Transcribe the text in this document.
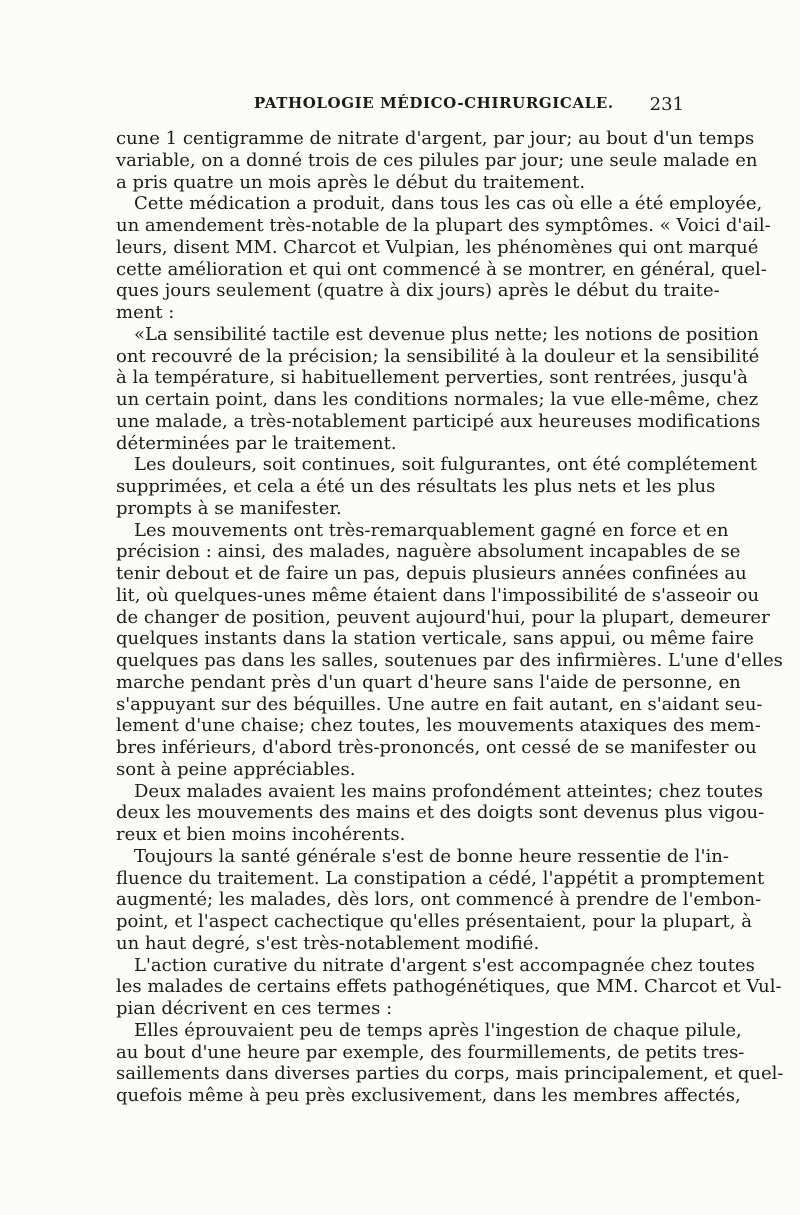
PATHOLOGIE MÉDICO-CHIRURGICALE. 231
cune 1 centigramme de nitrate d'argent, par jour; au bout d'un temps
variable, on a donné trois de ces pilules par jour; une seule malade en
a pris quatre un mois après le début du traitement.
Cette médication a produit, dans tous les cas où elle a été employée,
un amendement très-notable de la plupart des symptômes. « Voici d'ail-
leurs, disent MM. Charcot et Vulpian, les phénomènes qui ont marqué
cette amélioration et qui ont commencé à se montrer, en général, quel-
ques jours seulement (quatre à dix jours) après le début du traite-
ment :
«La sensibilité tactile est devenue plus nette; les notions de position
ont recouvré de la précision; la sensibilité à la douleur et la sensibilité
à la température, si habituellement perverties, sont rentrées, jusqu'à
un certain point, dans les conditions normales; la vue elle-même, chez
une malade, a très-notablement participé aux heureuses modifications
déterminées par le traitement.
Les douleurs, soit continues, soit fulgurantes, ont été complétement
supprimées, et cela a été un des résultats les plus nets et les plus
prompts à se manifester.
Les mouvements ont très-remarquablement gagné en force et en
précision : ainsi, des malades, naguère absolument incapables de se
tenir debout et de faire un pas, depuis plusieurs années confinées au
lit, où quelques-unes même étaient dans l'impossibilité de s'asseoir ou
de changer de position, peuvent aujourd'hui, pour la plupart, demeurer
quelques instants dans la station verticale, sans appui, ou même faire
quelques pas dans les salles, soutenues par des infirmières. L'une d'elles
marche pendant près d'un quart d'heure sans l'aide de personne, en
s'appuyant sur des béquilles. Une autre en fait autant, en s'aidant seu-
lement d'une chaise; chez toutes, les mouvements ataxiques des mem-
bres inférieurs, d'abord très-prononcés, ont cessé de se manifester ou
sont à peine appréciables.
Deux malades avaient les mains profondément atteintes; chez toutes
deux les mouvements des mains et des doigts sont devenus plus vigou-
reux et bien moins incohérents.
Toujours la santé générale s'est de bonne heure ressentie de l'in-
fluence du traitement. La constipation a cédé, l'appétit a promptement
augmenté; les malades, dès lors, ont commencé à prendre de l'embon-
point, et l'aspect cachectique qu'elles présentaient, pour la plupart, à
un haut degré, s'est très-notablement modifié.
L'action curative du nitrate d'argent s'est accompagnée chez toutes
les malades de certains effets pathogénétiques, que MM. Charcot et Vul-
pian décrivent en ces termes :
Elles éprouvaient peu de temps après l'ingestion de chaque pilule,
au bout d'une heure par exemple, des fourmillements, de petits tres-
saillements dans diverses parties du corps, mais principalement, et quel-
quefois même à peu près exclusivement, dans les membres affectés,
